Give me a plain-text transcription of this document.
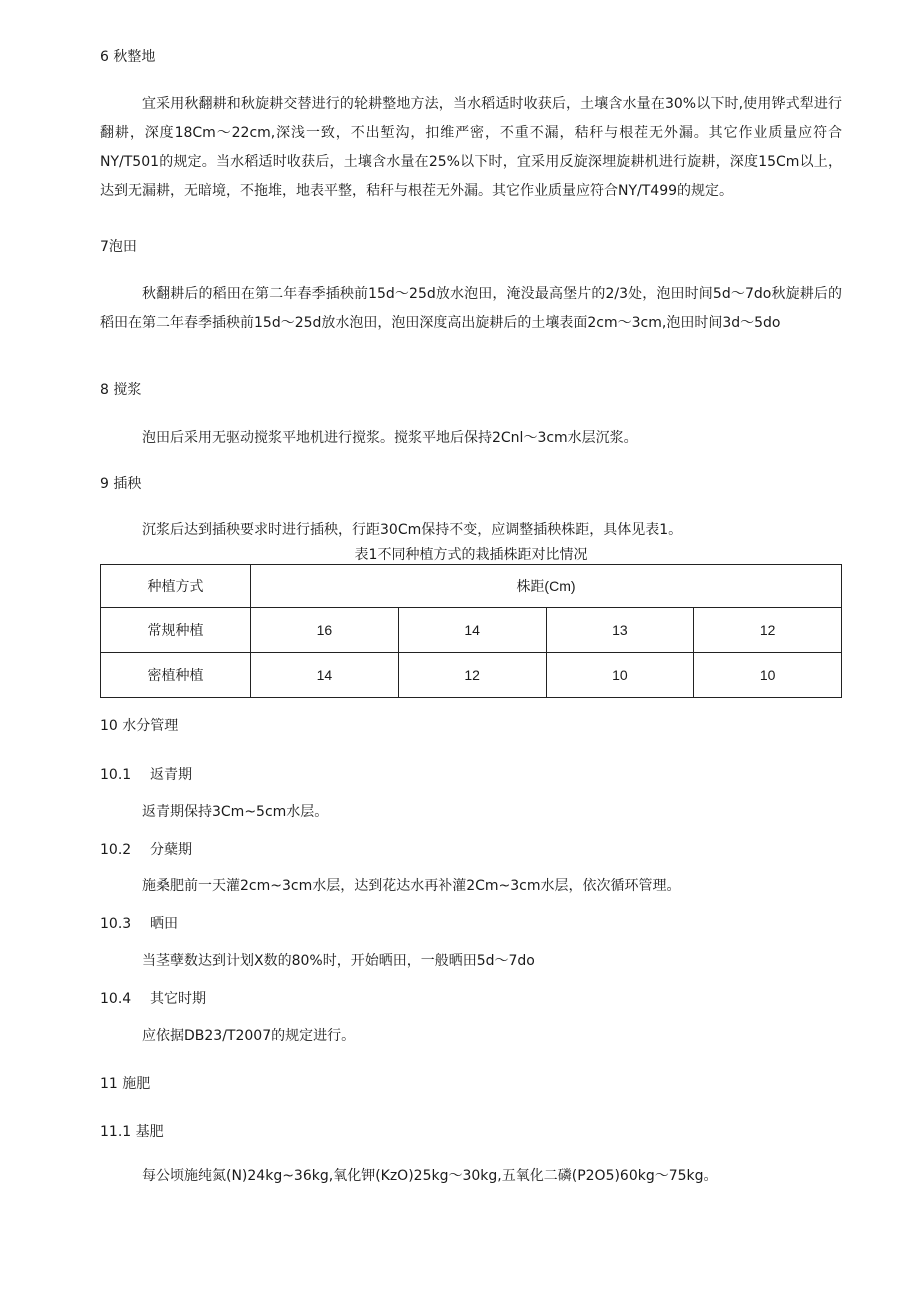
6 秋整地

宜采用秋翻耕和秋旋耕交替进行的轮耕整地方法，当水稻适时收获后，土壤含水量在30%以下时,使用铧式犁进行翻耕，深度18Cm～22cm,深浅一致，不出堑沟，扣维严密，不重不漏，秸秆与根茬无外漏。其它作业质量应符合NY/T501的规定。当水稻适时收获后，土壤含水量在25%以下时，宜采用反旋深埋旋耕机进行旋耕，深度15Cm以上，达到无漏耕，无暗境，不拖堆，地表平整，秸秆与根茬无外漏。其它作业质量应符合NY/T499的规定。

7泡田

秋翻耕后的稻田在第二年春季插秧前15d～25d放水泡田，淹没最高堡片的2/3处，泡田时间5d～7do秋旋耕后的稻田在第二年春季插秧前15d～25d放水泡田，泡田深度高出旋耕后的土壤表面2cm～3cm,泡田时间3d～5do

8 搅浆
泡田后采用无驱动搅浆平地机进行搅浆。搅浆平地后保持2Cnl～3cm水层沉浆。
9 插秧
沉浆后达到插秧要求时进行插秧，行距30Cm保持不变，应调整插秧株距，具体见表1。
表1不同种植方式的栽插株距对比情况
种植方式	株距(Cm)			
常规种植	16	14	13	12
密植种植	14	12	10	10
10 水分管理
10.1 返青期
返青期保持3Cm~5cm水层。
10.2 分蘖期
施桑肥前一天灌2cm~3cm水层，达到花达水再补灌2Cm~3cm水层，依次循环管理。
10.3 晒田
当茎孽数达到计划X数的80%时，开始晒田，一般晒田5d～7do
10.4 其它时期
应依据DB23/T2007的规定进行。
11 施肥
11.1 基肥
每公顷施纯氮(N)24kg~36kg,氧化钾(KzO)25kg～30kg,五氧化二磷(P2O5)60kg～75kg。
